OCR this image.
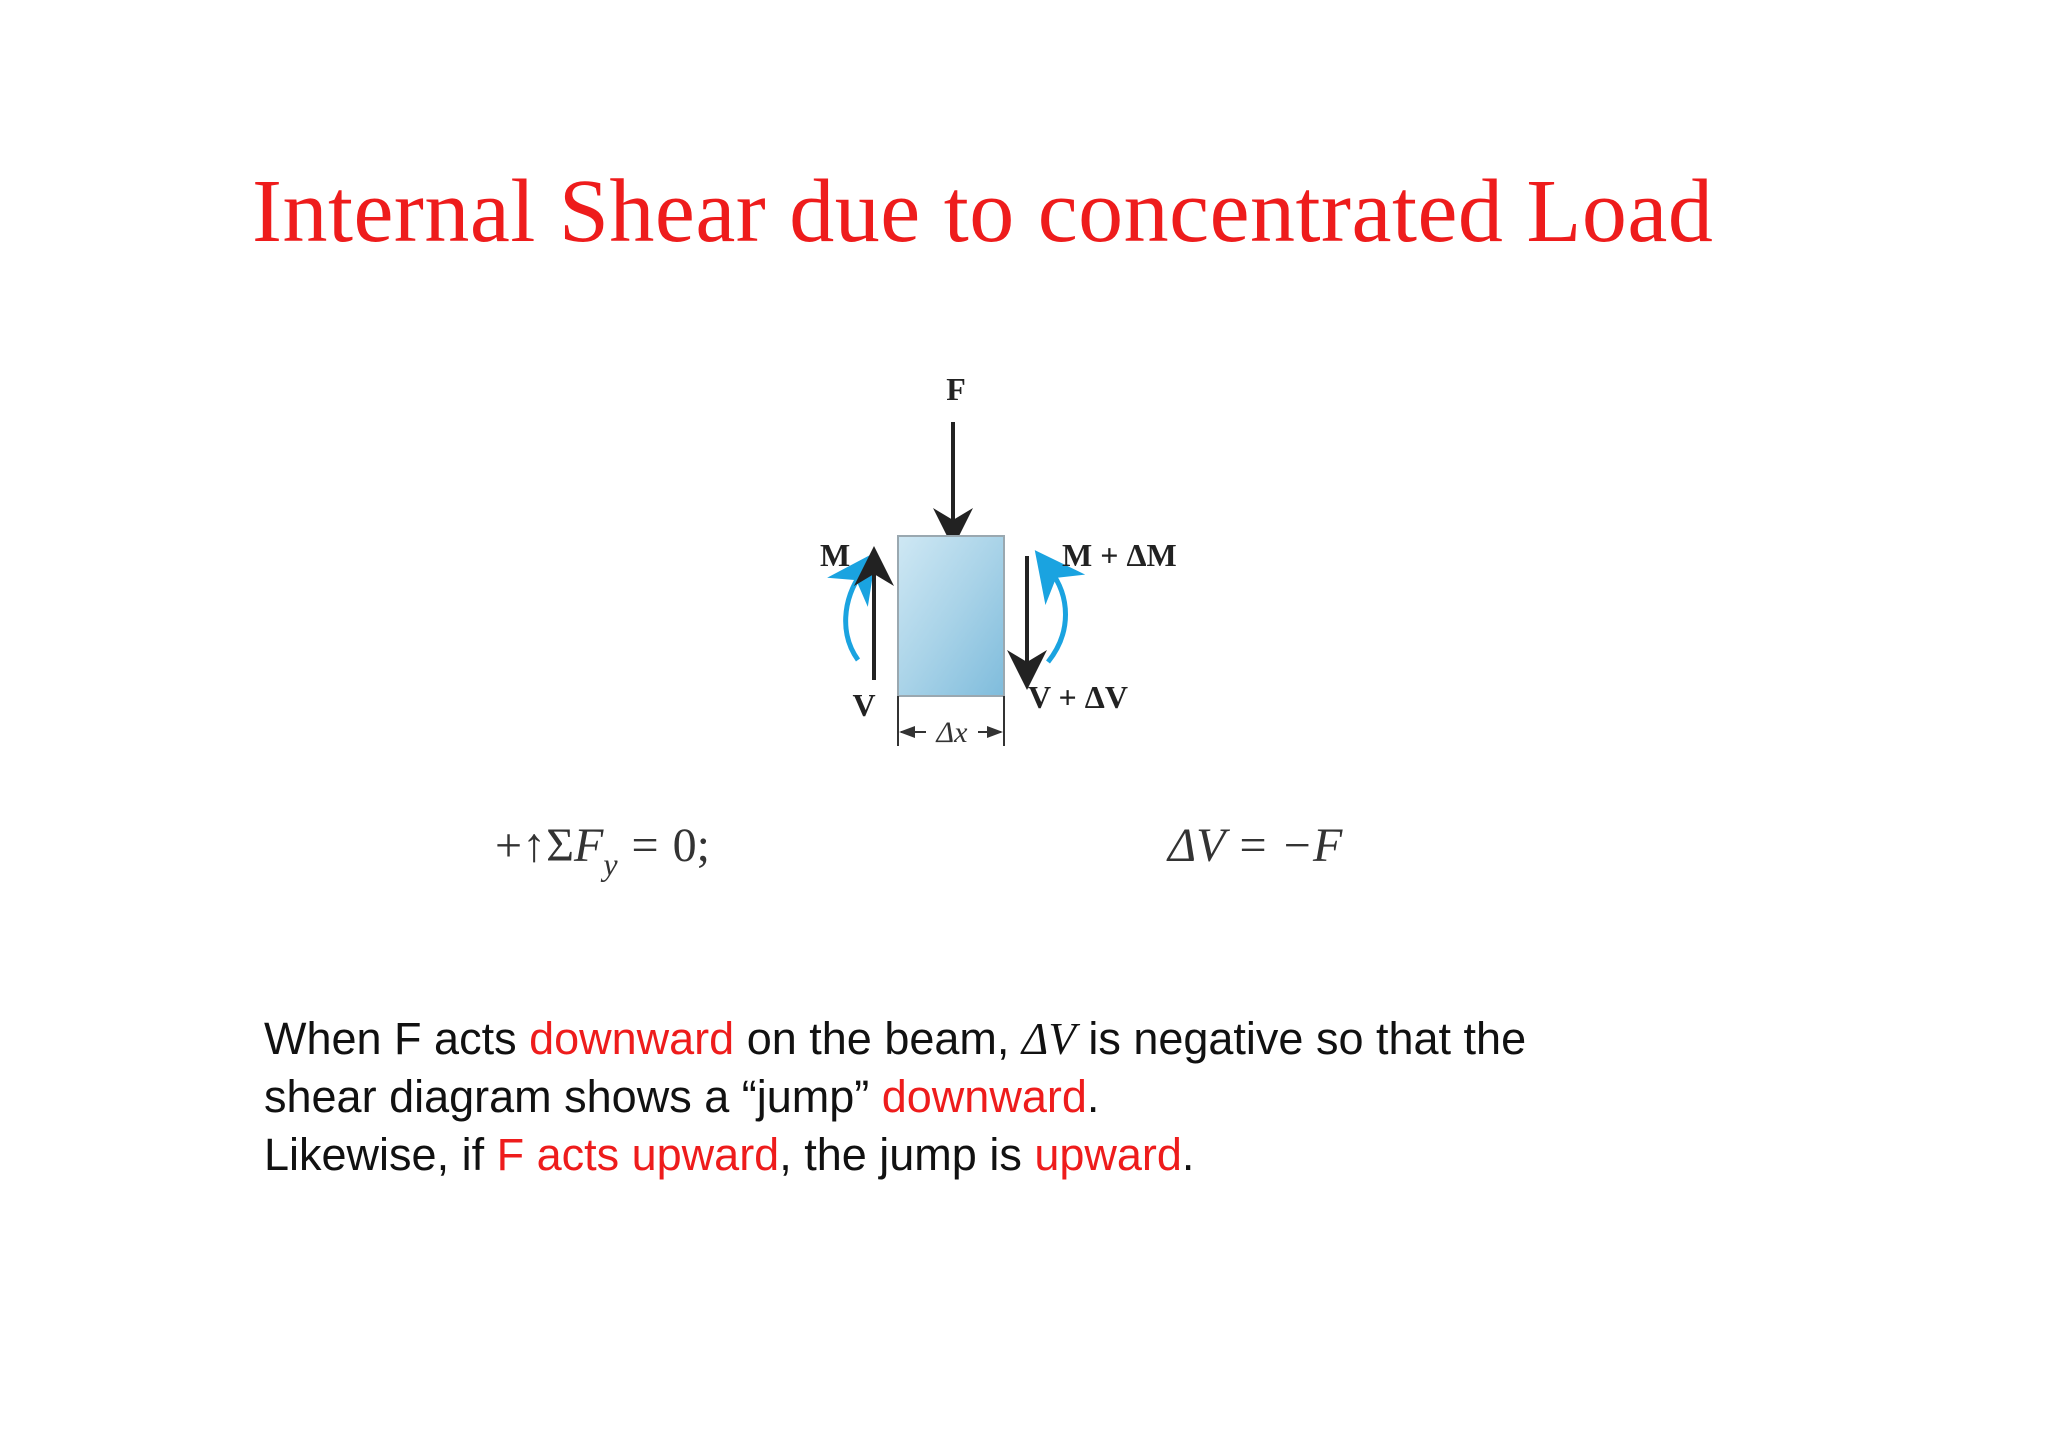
Internal Shear due to concentrated Load
F
M
V
M + ΔM
V + ΔV
Δx
$+↑\Sigma F_y = 0$;	ΔV = −F

When F acts downward on the beam, ΔV is negative so that the
shear diagram shows a “jump” downward.
Likewise, if F acts upward, the jump is upward.
